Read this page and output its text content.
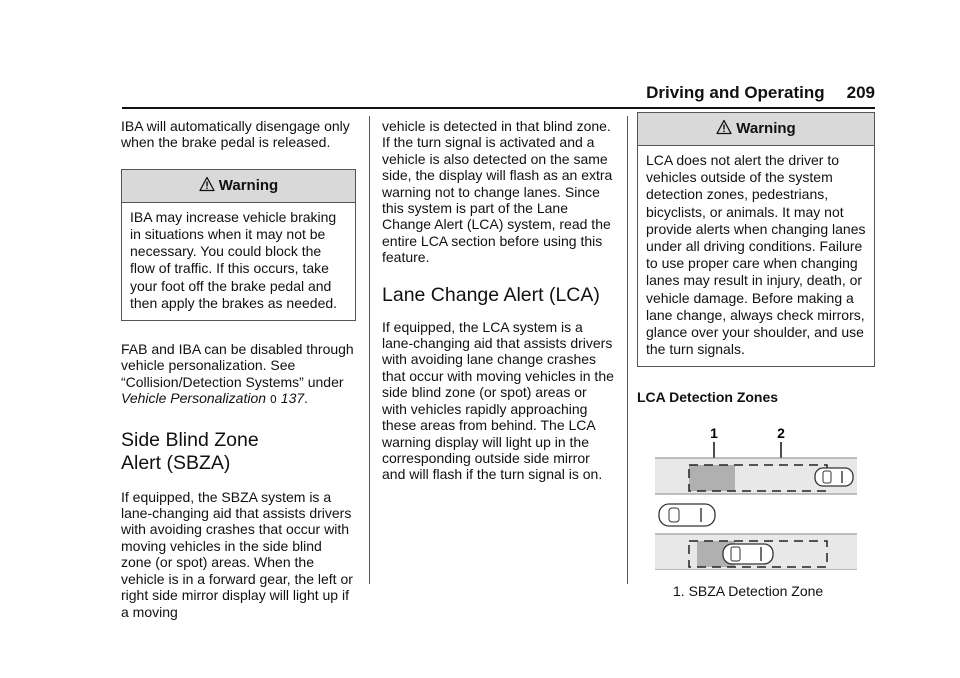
Driving and Operating 209

IBA will automatically disengage only when the brake pedal is released.

Warning
IBA may increase vehicle braking in situations when it may not be necessary. You could block the flow of traffic. If this occurs, take your foot off the brake pedal and then apply the brakes as needed.

FAB and IBA can be disabled through vehicle personalization. See “Collision/Detection Systems” under Vehicle Personalization 0 137.

Side Blind Zone
Alert (SBZA)

If equipped, the SBZA system is a lane-changing aid that assists drivers with avoiding crashes that occur with moving vehicles in the side blind zone (or spot) areas. When the vehicle is in a forward gear, the left or right side mirror display will light up if a moving

vehicle is detected in that blind zone. If the turn signal is activated and a vehicle is also detected on the same side, the display will flash as an extra warning not to change lanes. Since this system is part of the Lane Change Alert (LCA) system, read the entire LCA section before using this feature.

Lane Change Alert (LCA)

If equipped, the LCA system is a lane-changing aid that assists drivers with avoiding lane change crashes that occur with moving vehicles in the side blind zone (or spot) areas or with vehicles rapidly approaching these areas from behind. The LCA warning display will light up in the corresponding outside side mirror and will flash if the turn signal is on.

Warning
LCA does not alert the driver to vehicles outside of the system detection zones, pedestrians, bicyclists, or animals. It may not provide alerts when changing lanes under all driving conditions. Failure to use proper care when changing lanes may result in injury, death, or vehicle damage. Before making a lane change, always check mirrors, glance over your shoulder, and use the turn signals.

LCA Detection Zones

1	2

1. SBZA Detection Zone
